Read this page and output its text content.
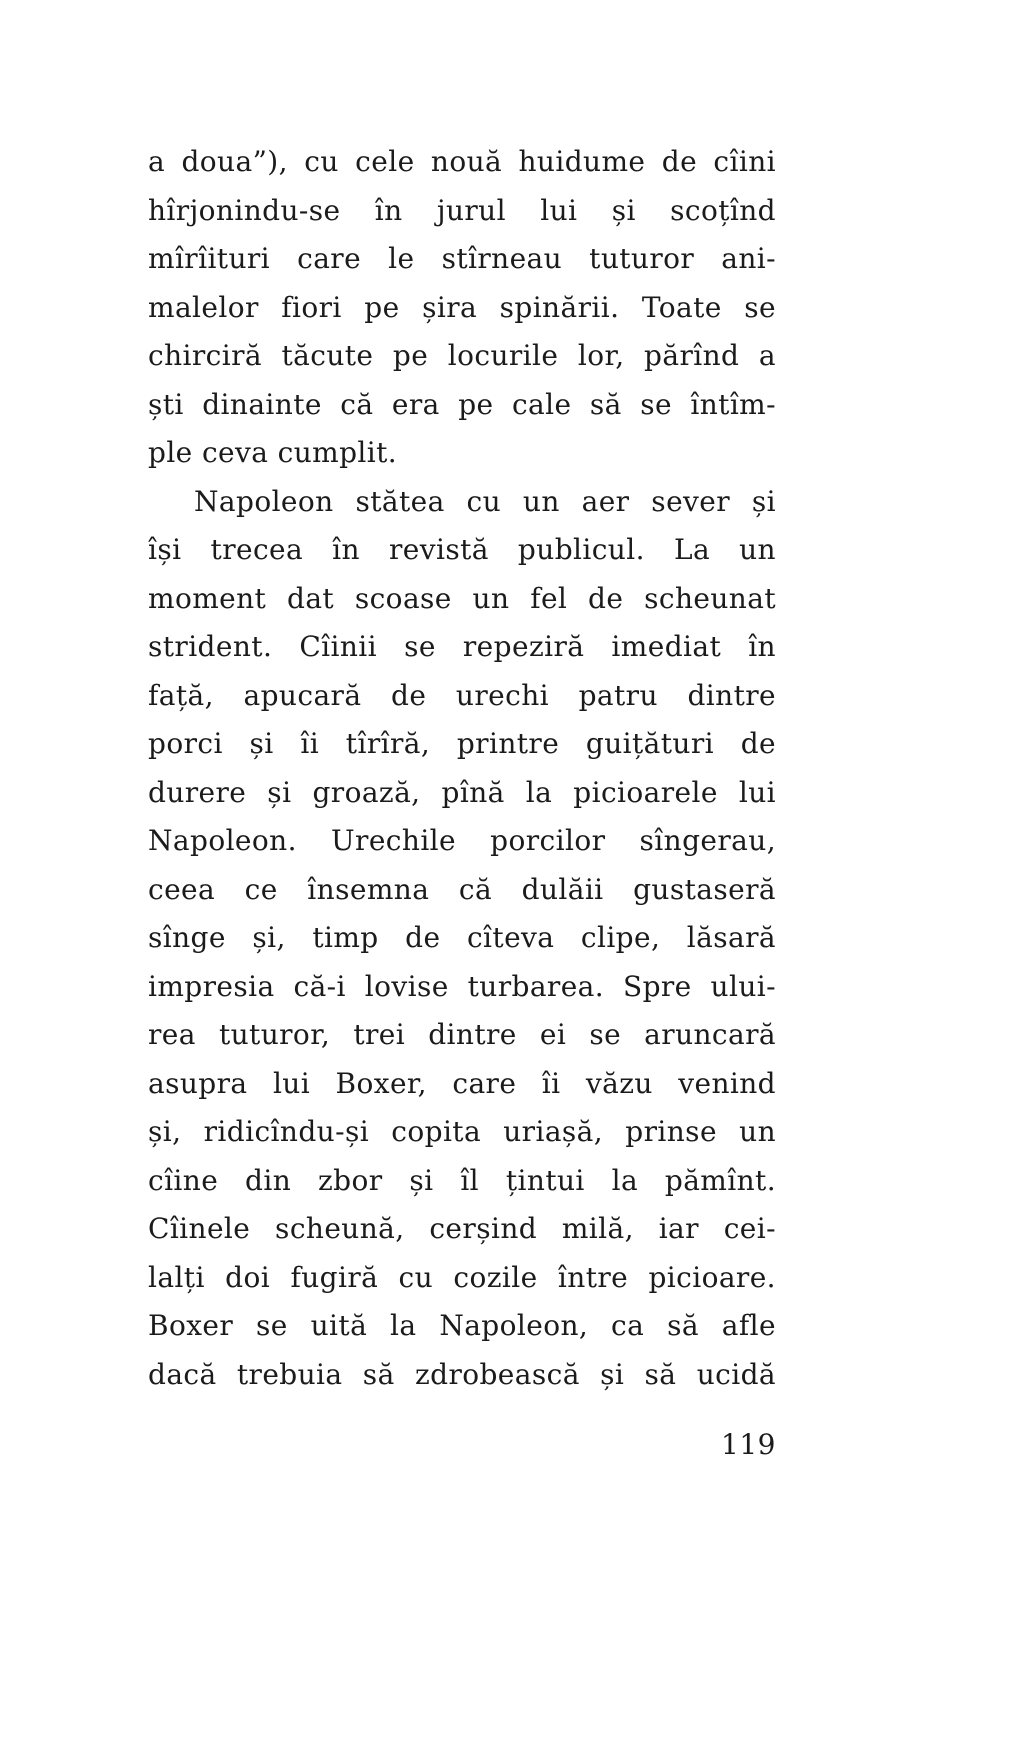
a doua”), cu cele nouă huidume de cîini
hîrjonindu-se în jurul lui și scoțînd
mîrîituri care le stîrneau tuturor ani-
malelor fiori pe șira spinării. Toate se
chirciră tăcute pe locurile lor, părînd a
ști dinainte că era pe cale să se întîm-
ple ceva cumplit.
Napoleon stătea cu un aer sever și
își trecea în revistă publicul. La un
moment dat scoase un fel de scheunat
strident. Cîinii se repeziră imediat în
față, apucară de urechi patru dintre
porci și îi tîrîră, printre guițături de
durere și groază, pînă la picioarele lui
Napoleon. Urechile porcilor sîngerau,
ceea ce însemna că dulăii gustaseră
sînge și, timp de cîteva clipe, lăsară
impresia că-i lovise turbarea. Spre ului-
rea tuturor, trei dintre ei se aruncară
asupra lui Boxer, care îi văzu venind
și, ridicîndu-și copita uriașă, prinse un
cîine din zbor și îl țintui la pămînt.
Cîinele scheună, cerșind milă, iar cei-
lalți doi fugiră cu cozile între picioare.
Boxer se uită la Napoleon, ca să afle
dacă trebuia să zdrobească și să ucidă
119
